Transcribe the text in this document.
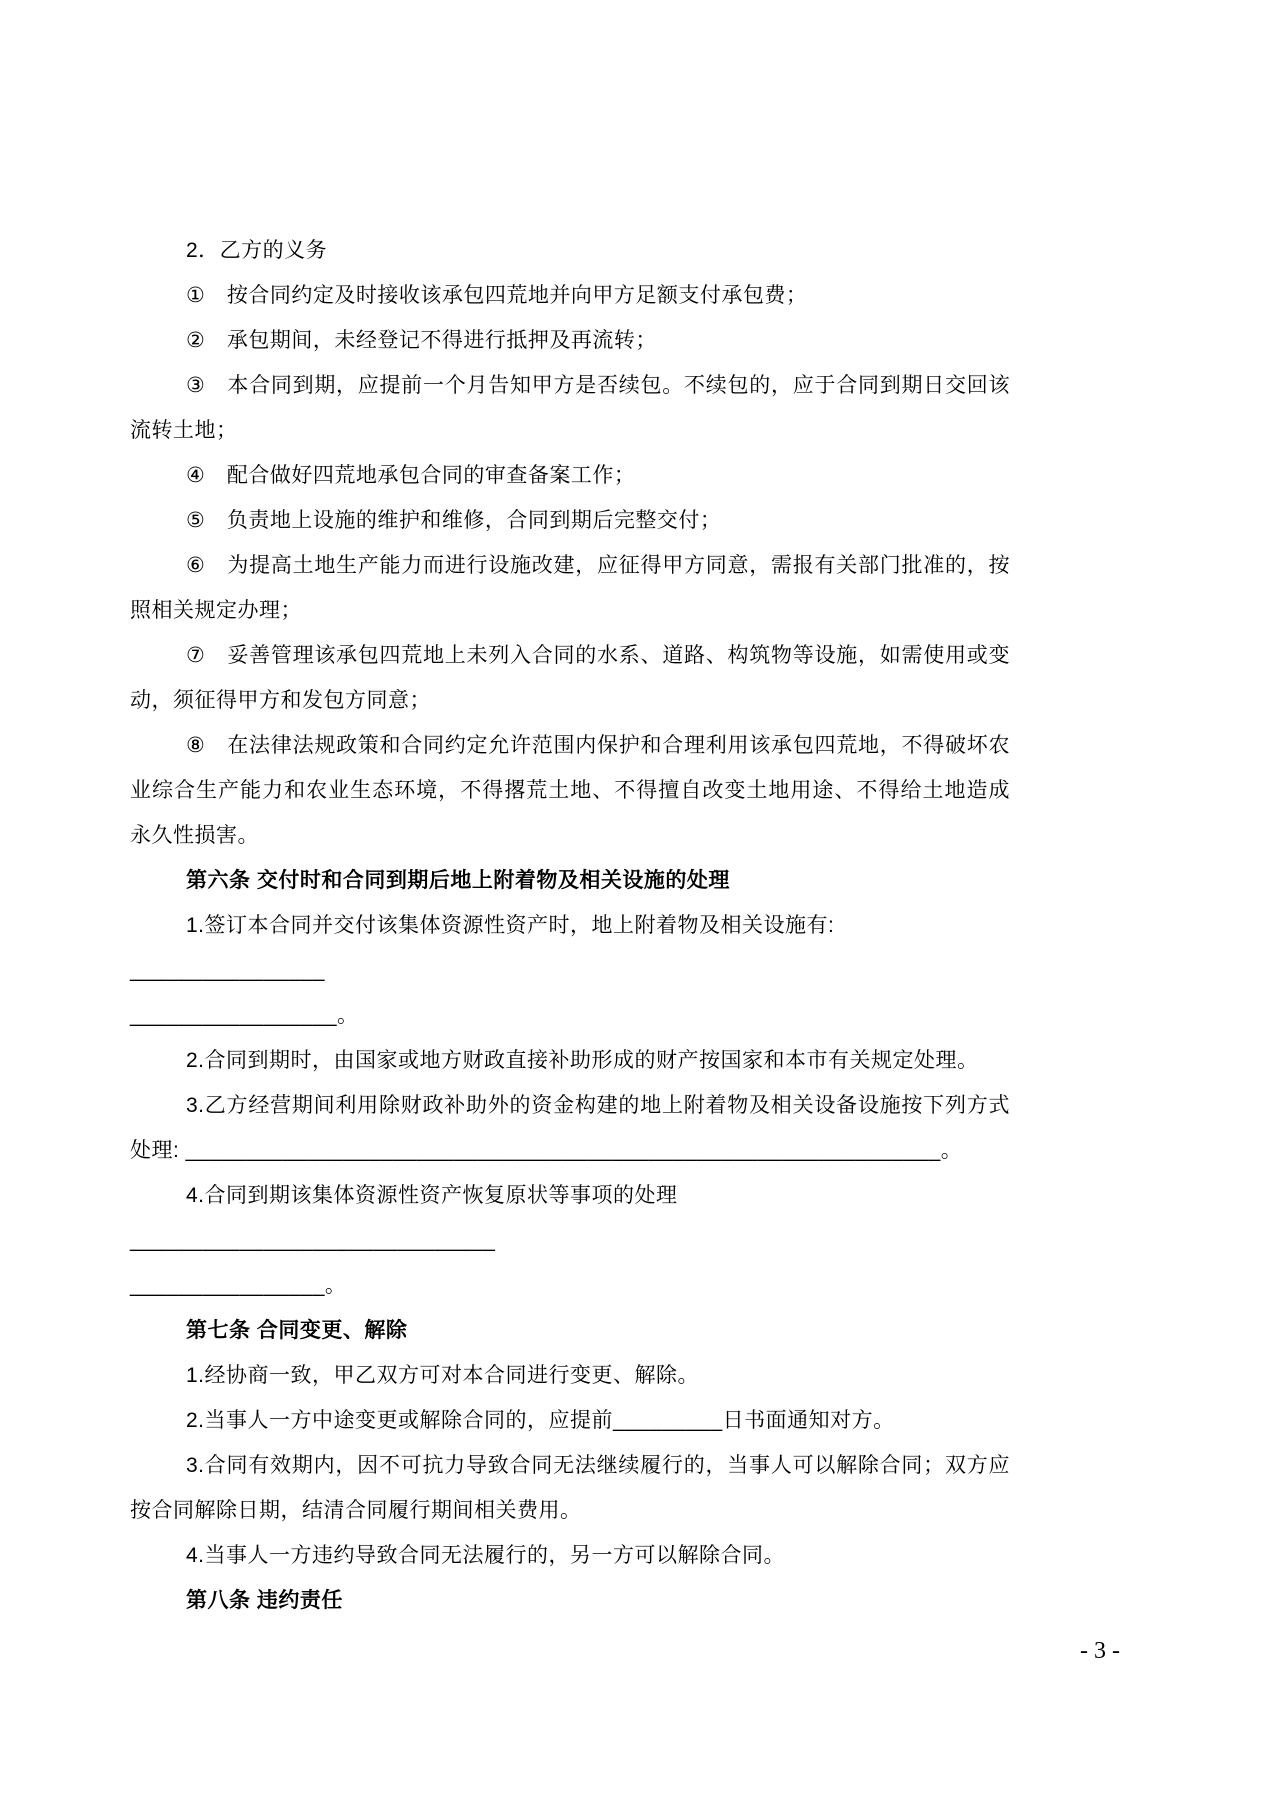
2．乙方的义务
①　按合同约定及时接收该承包四荒地并向甲方足额支付承包费；
②　承包期间，未经登记不得进行抵押及再流转；
③　本合同到期，应提前一个月告知甲方是否续包。不续包的，应于合同到期日交回该
流转土地；
④　配合做好四荒地承包合同的审查备案工作；
⑤　负责地上设施的维护和维修，合同到期后完整交付；
⑥　为提高土地生产能力而进行设施改建，应征得甲方同意，需报有关部门批准的，按
照相关规定办理；
⑦　妥善管理该承包四荒地上未列入合同的水系、道路、构筑物等设施，如需使用或变
动，须征得甲方和发包方同意；
⑧　在法律法规政策和合同约定允许范围内保护和合理利用该承包四荒地，不得破坏农
业综合生产能力和农业生态环境，不得撂荒土地、不得擅自改变土地用途、不得给土地造成
永久性损害。
第六条 交付时和合同到期后地上附着物及相关设施的处理
1.签订本合同并交付该集体资源性资产时，地上附着物及相关设施有: ________________
_________________。
2.合同到期时，由国家或地方财政直接补助形成的财产按国家和本市有关规定处理。
3.乙方经营期间利用除财政补助外的资金构建的地上附着物及相关设备设施按下列方式
处理: ______________________________________________________________。
4.合同到期该集体资源性资产恢复原状等事项的处理 ______________________________
________________。
第七条 合同变更、解除
1.经协商一致，甲乙双方可对本合同进行变更、解除。
2.当事人一方中途变更或解除合同的，应提前_________日书面通知对方。
3.合同有效期内，因不可抗力导致合同无法继续履行的，当事人可以解除合同；双方应
按合同解除日期，结清合同履行期间相关费用。
4.当事人一方违约导致合同无法履行的，另一方可以解除合同。
第八条 违约责任
- 3 -
